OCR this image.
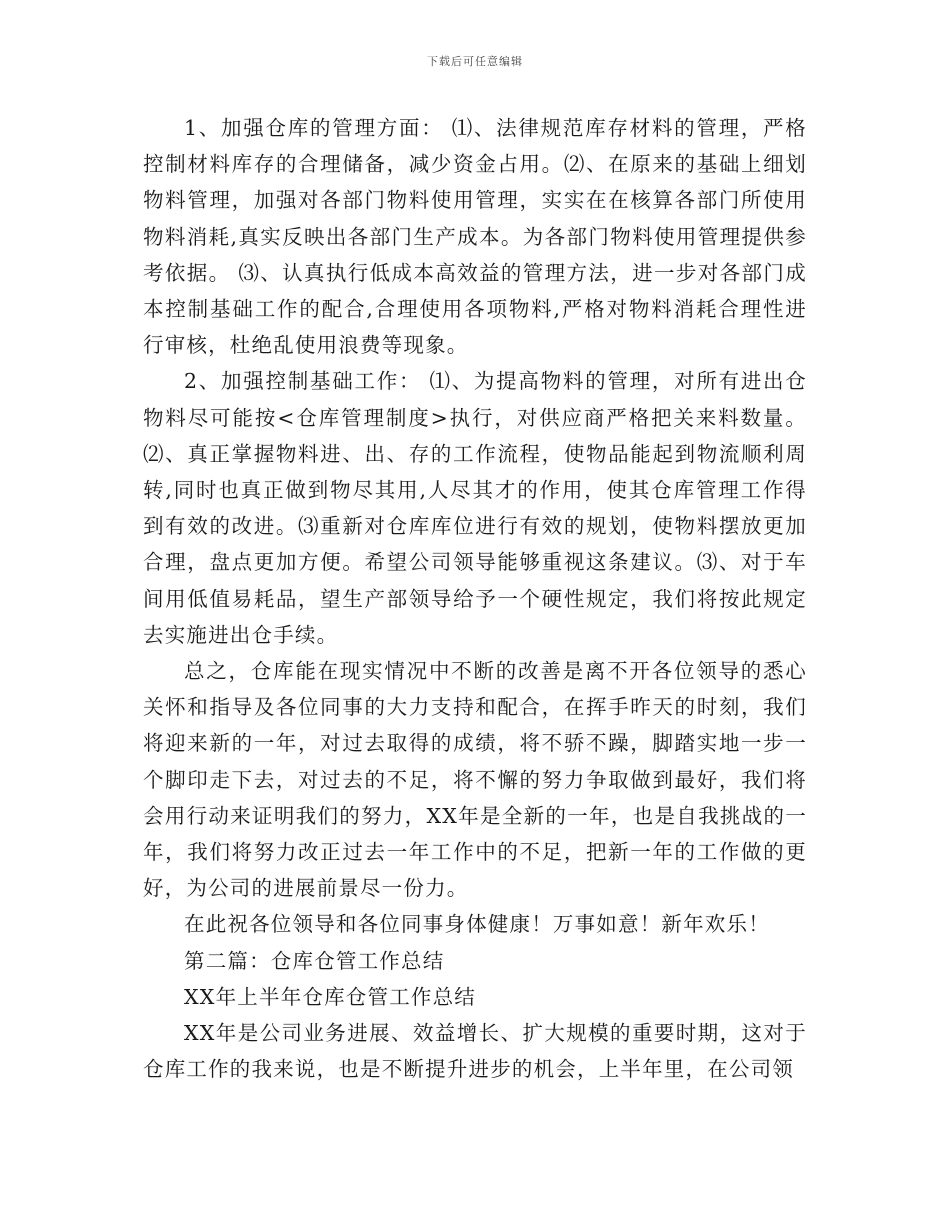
下载后可任意编辑

1、加强仓库的管理方面： ⑴、法律规范库存材料的管理，严格控制材料库存的合理储备，减少资金占用。⑵、在原来的基础上细划物料管理，加强对各部门物料使用管理，实实在在核算各部门所使用物料消耗,真实反映出各部门生产成本。为各部门物料使用管理提供参考依据。 ⑶、认真执行低成本高效益的管理方法，进一步对各部门成本控制基础工作的配合,合理使用各项物料,严格对物料消耗合理性进行审核，杜绝乱使用浪费等现象。

2、加强控制基础工作： ⑴、为提高物料的管理，对所有进出仓物料尽可能按<仓库管理制度>执行，对供应商严格把关来料数量。⑵、真正掌握物料进、出、存的工作流程，使物品能起到物流顺利周转,同时也真正做到物尽其用,人尽其才的作用，使其仓库管理工作得到有效的改进。⑶重新对仓库库位进行有效的规划，使物料摆放更加合理，盘点更加方便。希望公司领导能够重视这条建议。⑶、对于车间用低值易耗品，望生产部领导给予一个硬性规定，我们将按此规定去实施进出仓手续。

总之，仓库能在现实情况中不断的改善是离不开各位领导的悉心关怀和指导及各位同事的大力支持和配合，在挥手昨天的时刻，我们将迎来新的一年，对过去取得的成绩，将不骄不躁，脚踏实地一步一个脚印走下去，对过去的不足，将不懈的努力争取做到最好，我们将会用行动来证明我们的努力，XX年是全新的一年，也是自我挑战的一年，我们将努力改正过去一年工作中的不足，把新一年的工作做的更好，为公司的进展前景尽一份力。

在此祝各位领导和各位同事身体健康！万事如意！新年欢乐！

第二篇：仓库仓管工作总结

XX年上半年仓库仓管工作总结

XX年是公司业务进展、效益增长、扩大规模的重要时期，这对于仓库工作的我来说，也是不断提升进步的机会，上半年里，在公司领
